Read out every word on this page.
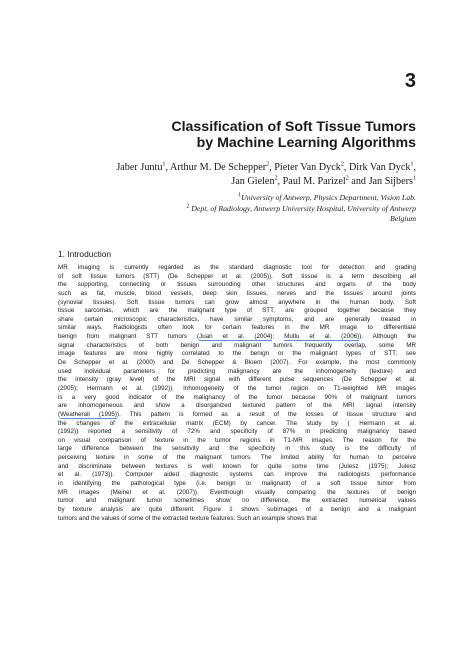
3
Classification of Soft Tissue Tumors
by Machine Learning Algorithms
Jaber Juntu$^1$, Arthur M. De Schepper$^2$, Pieter Van Dyck$^2$, Dirk Van Dyck$^1$,
Jan Gielen$^2$, Paul M. Parizel$^2$ and Jan Sijbers$^1$
$^1$University of Antwerp, Physics Department, Vision Lab.
$^2$ Dept. of Radiology, Antwerp University Hospital, University of Antwerp
Belgium
1. Introduction
MR imaging is currently regarded as the standard diagnostic tool for detection and grading
of soft tissue tumors (STT) (De Schepper et al. (2005)). Soft tissue is a term describing all
the supporting, connecting or tissues surrounding other structures and organs of the body
such as fat, muscle, blood vessels, deep skin tissues, nerves and the tissues around joints
(synovial tissues). Soft tissue tumors can grow almost anywhere in the human body. Soft
tissue sarcomas, which are the malignant type of STT, are grouped together because they
share certain microscopic characteristics, have similar symptoms, and are generally treated in
similar ways. Radiologists often look for certain features in the MR image to differentiate
benign from malignant STT tumors (Juan et al. (2004); Mutlu et al. (2006)). Although the
signal characteristics of both benign and malignant tumors frequently overlap, some MR
image features are more highly correlated to the benign or the malignant types of STT, see
De Schepper et al. (2000) and De Schepper & Bloem (2007). For example, the most commonly
used individual parameters for predicting malignancy are the inhomogeneity (texture) and
the intensity (gray level) of the MRI signal with different pulse sequences (De Schepper et al.
(2005); Hermann et al. (1992)). Inhomogeneity of the tumor region on T1-weighted MR images
is a very good indicator of the malignancy of the tumor because 90% of malignant tumors
are inhomogeneous and show a disorganized textured pattern of the MRI signal intensity
(Weatherall (1995)). This pattern is formed as a result of the losses of tissue structure and
the changes of the extracellular matrix (ECM) by cancer. The study by ( Hermann et al.
(1992)) reported a sensitivity of 72% and specificity of 87% in predicting malignancy based
on visual comparison of texture in the tumor regions in T1-MR images. The reason for the
large difference between the sensitivity and the specificity in this study is the difficulty of
perceiving texture in some of the malignant tumors. The limited ability for human to perceive
and discriminate between textures is well known for quite some time (Julesz (1975); Julesz
et al. (1973)). Computer aided diagnostic systems can improve the radiologists performance
in identifying the pathological type (i.e. benign or malignant) of a soft tissue tumor from
MR images (Meinel et al. (2007)). Eventhough visually comparing the textures of benign
tumor and malignant tumor sometimes show no difference, the extracted numerical values
by texture analysis are quite different. Figure 1 shows subimages of a benign and a malignant
tumors and the values of some of the extracted texture features. Such an example shows that
